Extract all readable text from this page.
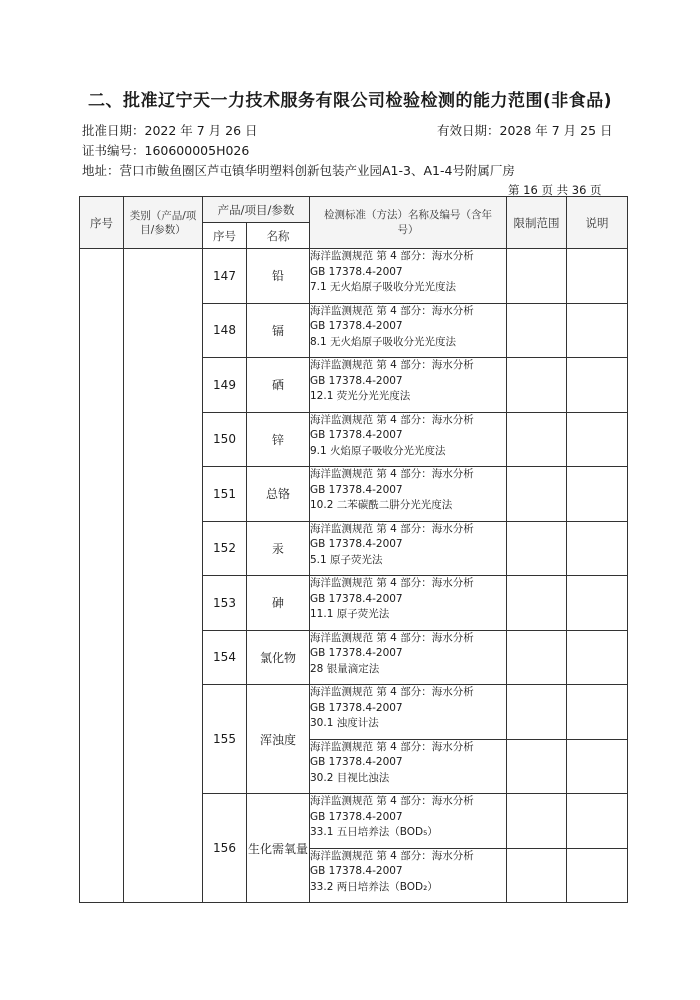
二、批准辽宁天一力技术服务有限公司检验检测的能力范围(非食品)
批准日期：2022 年 7 月 26 日	有效日期：2028 年 7 月 25 日
证书编号：160600005H026
地址：营口市鲅鱼圈区芦屯镇华明塑料创新包装产业园A1-3、A1-4号附属厂房
第 16 页 共 36 页
序号	类别（产品/项目/参数）	产品/项目/参数		检测标准（方法）名称及编号（含年号）	限制范围	说明
		序号	名称			
		147	铅	海洋监测规范 第 4 部分：海水分析
GB 17378.4-2007
7.1 无火焰原子吸收分光光度法		

		148	镉	海洋监测规范 第 4 部分：海水分析
GB 17378.4-2007
8.1 无火焰原子吸收分光光度法		

		149	硒	海洋监测规范 第 4 部分：海水分析
GB 17378.4-2007
12.1 荧光分光光度法		

		150	锌	海洋监测规范 第 4 部分：海水分析
GB 17378.4-2007
9.1 火焰原子吸收分光光度法		

		151	总铬	海洋监测规范 第 4 部分：海水分析
GB 17378.4-2007
10.2 二苯碳酰二肼分光光度法		

		152	汞	海洋监测规范 第 4 部分：海水分析
GB 17378.4-2007
5.1 原子荧光法		

		153	砷	海洋监测规范 第 4 部分：海水分析
GB 17378.4-2007
11.1 原子荧光法		

		154	氯化物	海洋监测规范 第 4 部分：海水分析
GB 17378.4-2007
28 银量滴定法		

		155	浑浊度	海洋监测规范 第 4 部分：海水分析
GB 17378.4-2007
30.1 浊度计法		

				海洋监测规范 第 4 部分：海水分析
GB 17378.4-2007
30.2 目视比浊法		

		156	生化需氧量	海洋监测规范 第 4 部分：海水分析
GB 17378.4-2007
33.1 五日培养法（BOD₅）		

				海洋监测规范 第 4 部分：海水分析
GB 17378.4-2007
33.2 两日培养法（BOD₂）		
